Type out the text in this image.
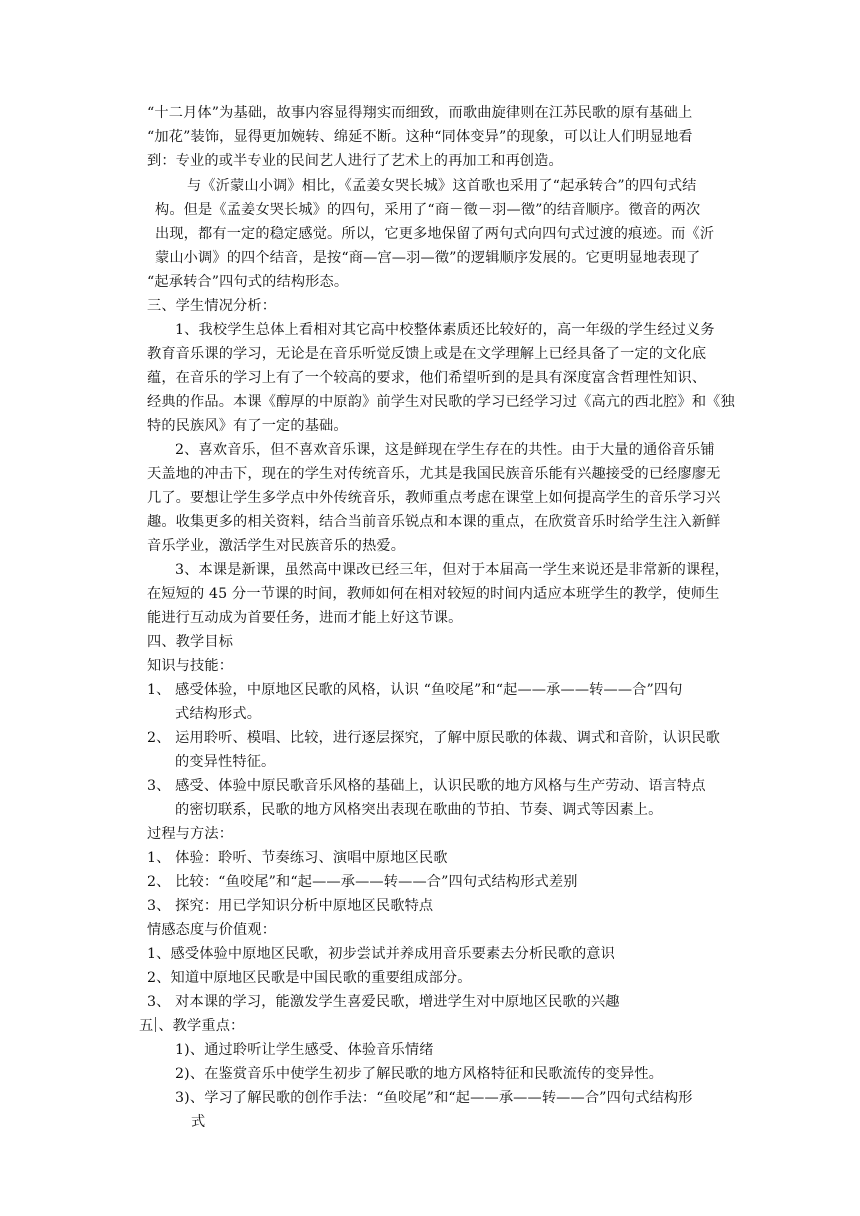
“十二月体”为基础，故事内容显得翔实而细致，而歌曲旋律则在江苏民歌的原有基础上
“加花”装饰，显得更加婉转、绵延不断。这种“同体变异”的现象，可以让人们明显地看
到：专业的或半专业的民间艺人进行了艺术上的再加工和再创造。
与《沂蒙山小调》相比，《孟姜女哭长城》这首歌也采用了“起承转合”的四句式结
构。但是《孟姜女哭长城》的四句，采用了“商－徵－羽—徵”的结音顺序。徵音的两次
出现，都有一定的稳定感觉。所以，它更多地保留了两句式向四句式过渡的痕迹。而《沂
蒙山小调》的四个结音，是按“商—宫—羽—徵”的逻辑顺序发展的。它更明显地表现了
“起承转合”四句式的结构形态。
三、学生情况分析：
1、我校学生总体上看相对其它高中校整体素质还比较好的，高一年级的学生经过义务
教育音乐课的学习，无论是在音乐听觉反馈上或是在文学理解上已经具备了一定的文化底
蕴，在音乐的学习上有了一个较高的要求，他们希望听到的是具有深度富含哲理性知识、
经典的作品。本课《醇厚的中原韵》前学生对民歌的学习已经学习过《高亢的西北腔》和《独
特的民族风》有了一定的基础。
2、喜欢音乐，但不喜欢音乐课，这是鲜现在学生存在的共性。由于大量的通俗音乐铺
天盖地的冲击下，现在的学生对传统音乐，尤其是我国民族音乐能有兴趣接受的已经廖廖无
几了。要想让学生多学点中外传统音乐，教师重点考虑在课堂上如何提高学生的音乐学习兴
趣。收集更多的相关资料，结合当前音乐锐点和本课的重点，在欣赏音乐时给学生注入新鲜
音乐学业，激活学生对民族音乐的热爱。
3、本课是新课，虽然高中课改已经三年，但对于本届高一学生来说还是非常新的课程，
在短短的 45 分一节课的时间，教师如何在相对较短的时间内适应本班学生的教学，使师生
能进行互动成为首要任务，进而才能上好这节课。
四、教学目标
知识与技能：
1、 感受体验，中原地区民歌的风格，认识 “鱼咬尾”和“起——承——转——合”四句
式结构形式。
2、 运用聆听、模唱、比较，进行逐层探究，了解中原民歌的体裁、调式和音阶，认识民歌
的变异性特征。
3、 感受、体验中原民歌音乐风格的基础上，认识民歌的地方风格与生产劳动、语言特点
的密切联系，民歌的地方风格突出表现在歌曲的节拍、节奏、调式等因素上。
过程与方法：
1、 体验：聆听、节奏练习、演唱中原地区民歌
2、 比较：“鱼咬尾”和“起——承——转——合”四句式结构形式差别
3、 探究：用已学知识分析中原地区民歌特点
情感态度与价值观：
1、感受体验中原地区民歌，初步尝试并养成用音乐要素去分析民歌的意识
2、知道中原地区民歌是中国民歌的重要组成部分。
3、 对本课的学习，能激发学生喜爱民歌，增进学生对中原地区民歌的兴趣
五 、教学重点：
1)、通过聆听让学生感受、体验音乐情绪
2)、在鉴赏音乐中使学生初步了解民歌的地方风格特征和民歌流传的变异性。
3)、学习了解民歌的创作手法：“鱼咬尾”和“起——承——转——合”四句式结构形
式
